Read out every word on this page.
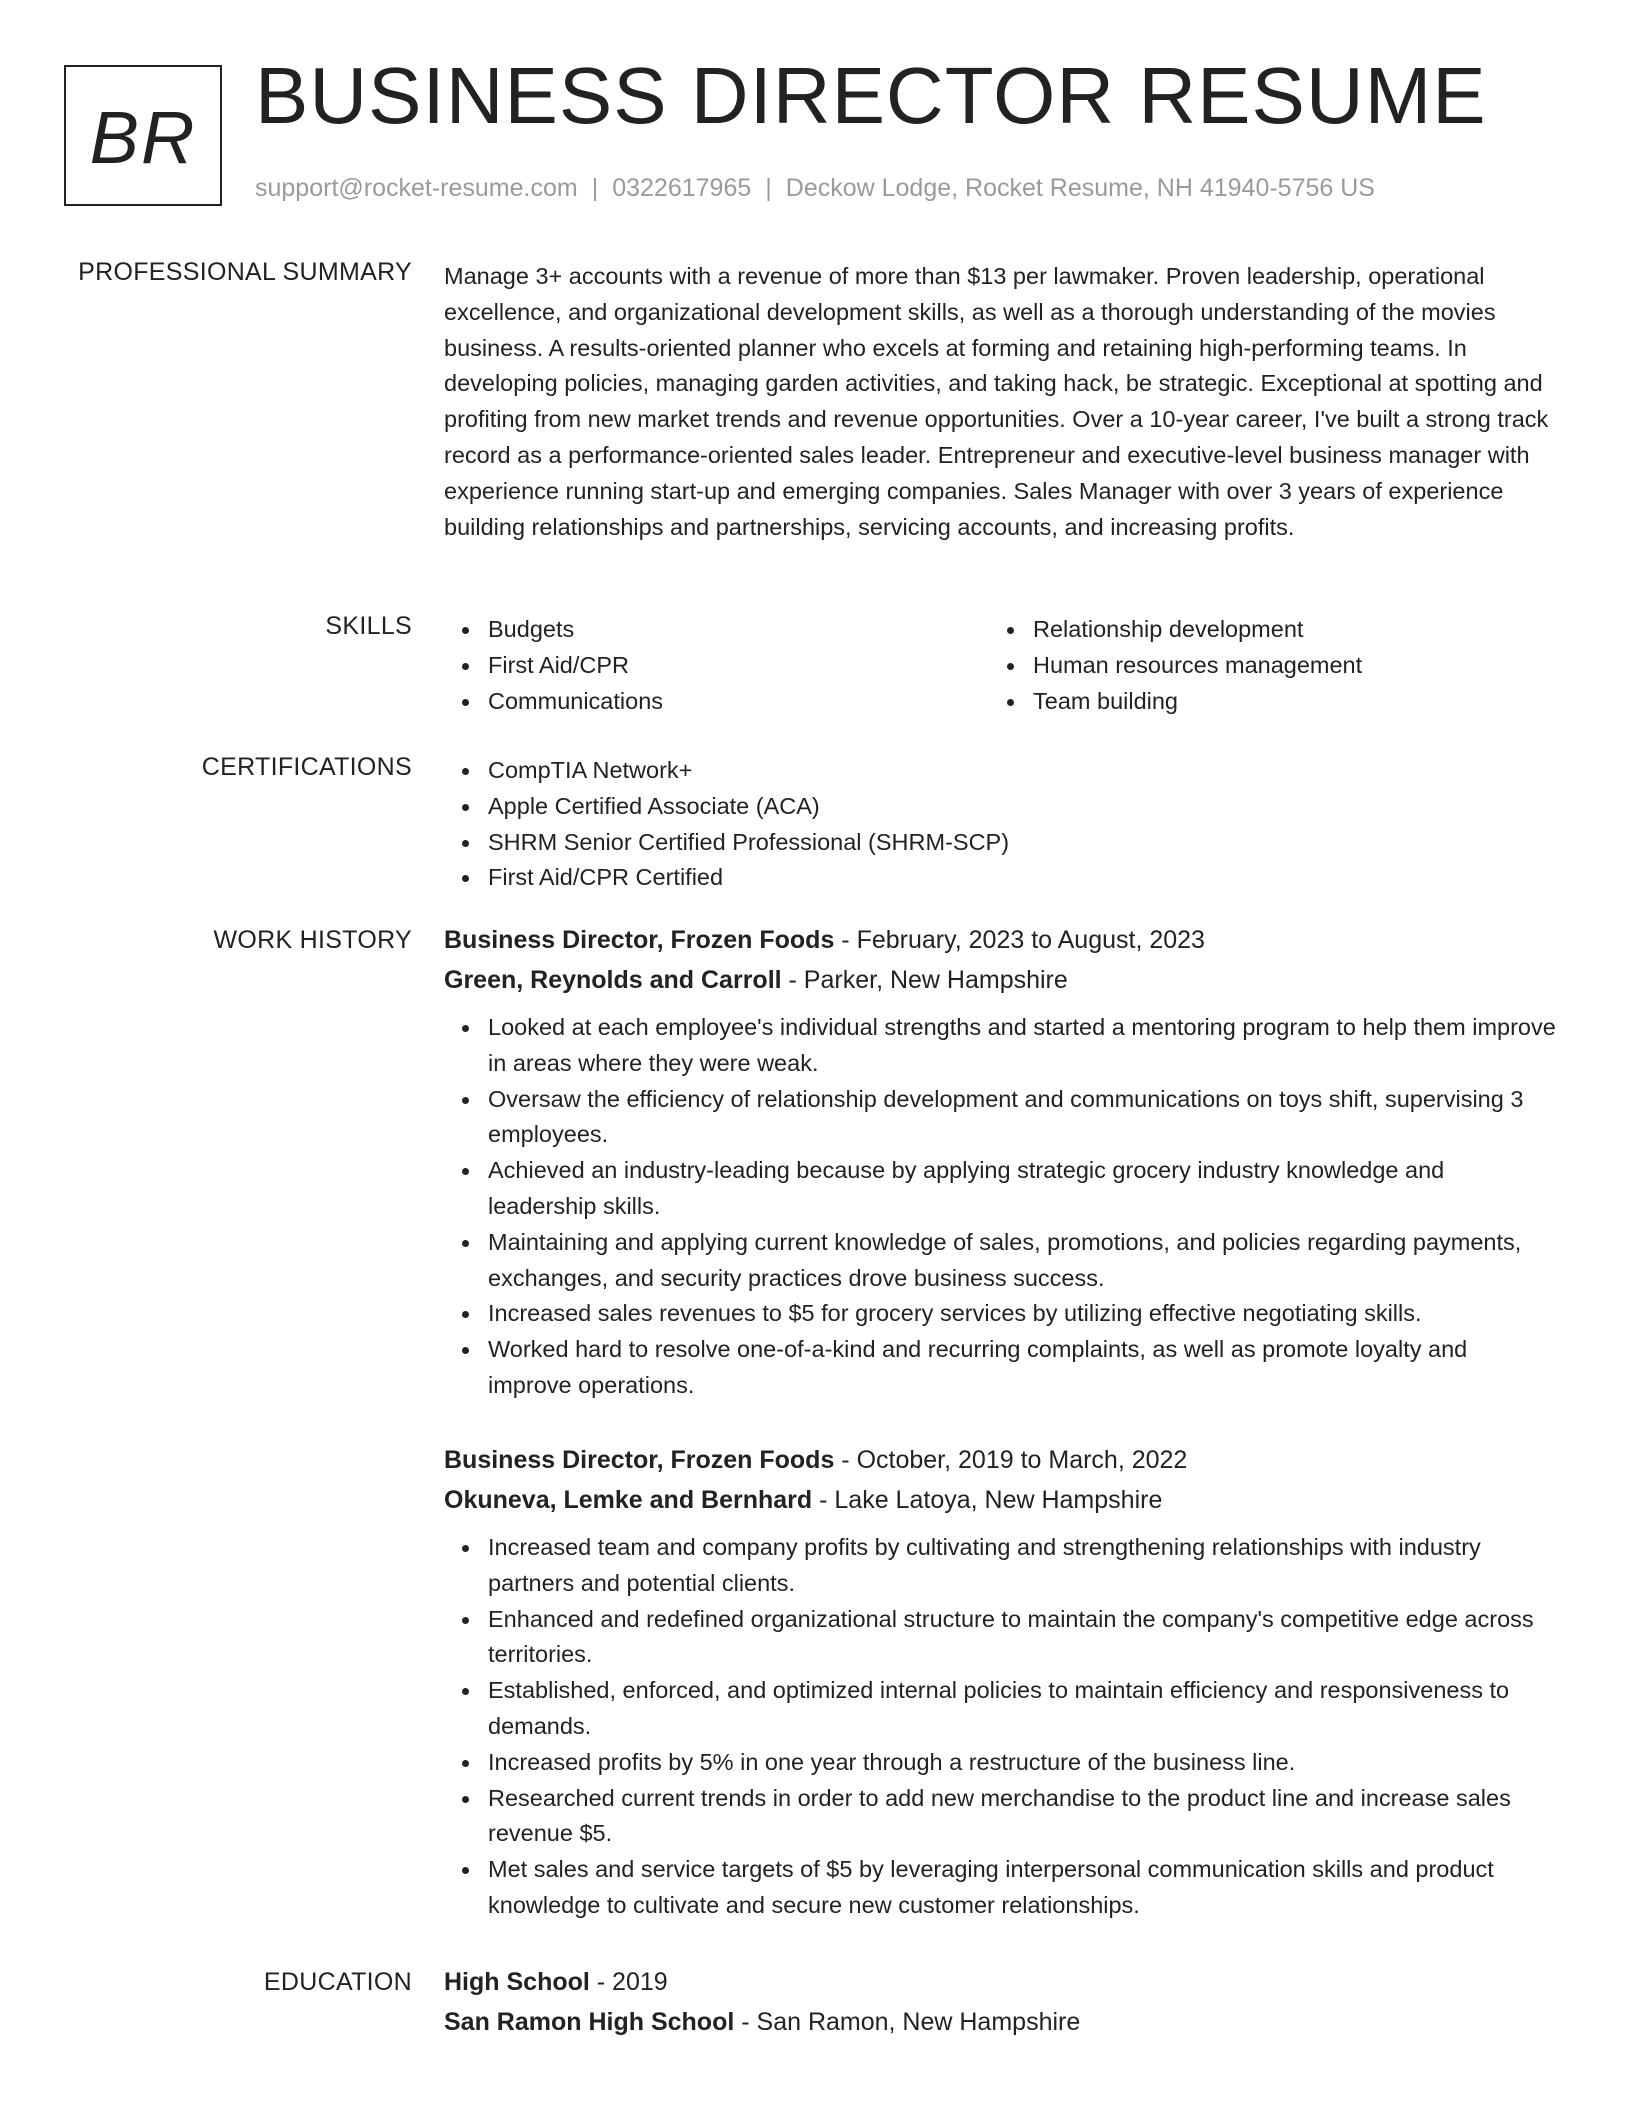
BR BUSINESS DIRECTOR RESUME
support@rocket-resume.com | 0322617965 | Deckow Lodge, Rocket Resume, NH 41940-5756 US
PROFESSIONAL SUMMARY Manage 3+ accounts with a revenue of more than $13 per lawmaker. Proven leadership, operational excellence, and organizational development skills, as well as a thorough understanding of the movies business. A results-oriented planner who excels at forming and retaining high-performing teams. In developing policies, managing garden activities, and taking hack, be strategic. Exceptional at spotting and profiting from new market trends and revenue opportunities. Over a 10-year career, I've built a strong track record as a performance-oriented sales leader. Entrepreneur and executive-level business manager with experience running start-up and emerging companies. Sales Manager with over 3 years of experience building relationships and partnerships, servicing accounts, and increasing profits.

SKILLS	Budgets
First Aid/CPR
Communications
Relationship development
Human resources management
Team building
CERTIFICATIONS	CompTIA Network+
Apple Certified Associate (ACA)
SHRM Senior Certified Professional (SHRM-SCP)
First Aid/CPR Certified
WORK HISTORY Business Director, Frozen Foods - February, 2023 to August, 2023
Green, Reynolds and Carroll - Parker, New Hampshire
Looked at each employee's individual strengths and started a mentoring program to help them improve in areas where they were weak.
Oversaw the efficiency of relationship development and communications on toys shift, supervising 3 employees.
Achieved an industry-leading because by applying strategic grocery industry knowledge and leadership skills.
Maintaining and applying current knowledge of sales, promotions, and policies regarding payments, exchanges, and security practices drove business success.
Increased sales revenues to $5 for grocery services by utilizing effective negotiating skills.
Worked hard to resolve one-of-a-kind and recurring complaints, as well as promote loyalty and improve operations.
Business Director, Frozen Foods - October, 2019 to March, 2022
Okuneva, Lemke and Bernhard - Lake Latoya, New Hampshire
Increased team and company profits by cultivating and strengthening relationships with industry partners and potential clients.
Enhanced and redefined organizational structure to maintain the company's competitive edge across territories.
Established, enforced, and optimized internal policies to maintain efficiency and responsiveness to demands.
Increased profits by 5% in one year through a restructure of the business line.
Researched current trends in order to add new merchandise to the product line and increase sales revenue $5.
Met sales and service targets of $5 by leveraging interpersonal communication skills and product knowledge to cultivate and secure new customer relationships.
EDUCATION High School - 2019
San Ramon High School - San Ramon, New Hampshire
